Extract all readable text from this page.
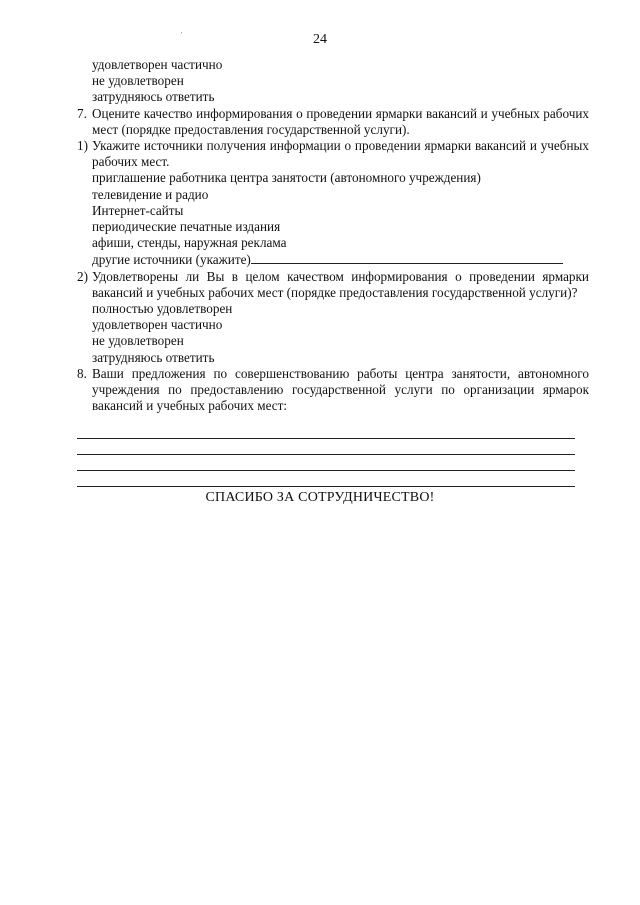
´	24
удовлетворен частично
не удовлетворен
затрудняюсь ответить
7. Оцените качество информирования о проведении ярмарки вакансий и учебных рабочих мест (порядке предоставления государственной услуги).
1) Укажите источники получения информации о проведении ярмарки вакансий и учебных рабочих мест.
приглашение работника центра занятости (автономного учреждения)
телевидение и радио
Интернет-сайты
периодические печатные издания
афиши, стенды, наружная реклама
другие источники (укажите)
2) Удовлетворены ли Вы в целом качеством информирования о проведении ярмарки вакансий и учебных рабочих мест (порядке предоставления государственной услуги)?
полностью удовлетворен
удовлетворен частично
не удовлетворен
затрудняюсь ответить
8. Ваши предложения по совершенствованию работы центра занятости, автономного учреждения по предоставлению государственной услуги по организации ярмарок вакансий и учебных рабочих мест:
СПАСИБО ЗА СОТРУДНИЧЕСТВО!
